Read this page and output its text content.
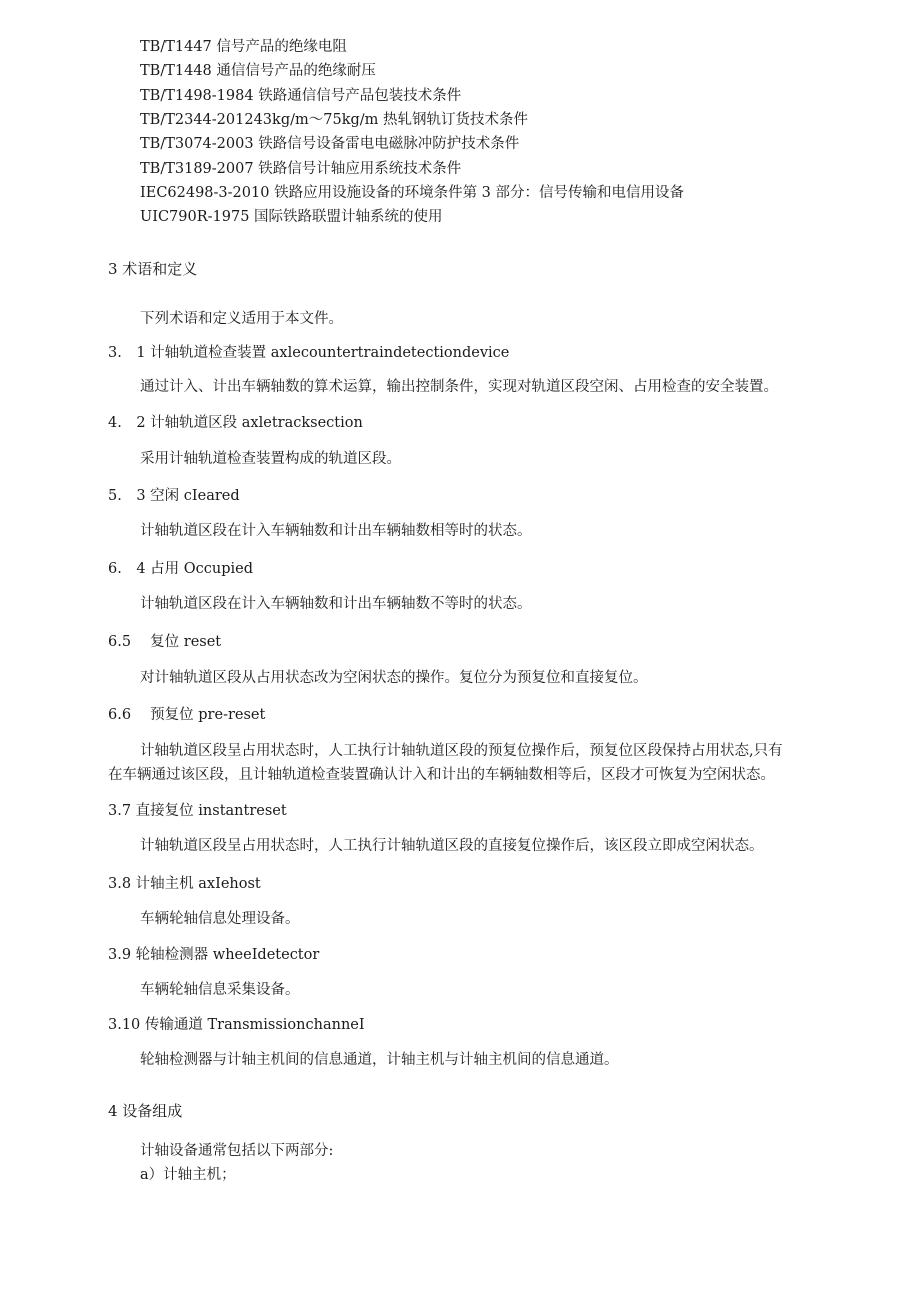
TB/T1447 信号产品的绝缘电阻
TB/T1448 通信信号产品的绝缘耐压
TB/T1498-1984 铁路通信信号产品包装技术条件
TB/T2344-201243kg∕m～75kg∕m 热轧钢轨订货技术条件
TB/T3074-2003 铁路信号设备雷电电磁脉冲防护技术条件
TB/T3189-2007 铁路信号计轴应用系统技术条件
IEC62498-3-2010 铁路应用设施设备的环境条件第 3 部分：信号传输和电信用设备
UIC790R-1975 国际铁路联盟计轴系统的使用
3 术语和定义
下列术语和定义适用于本文件。
3.　1 计轴轨道检查装置 axlecountertraindetectiondevice
通过计入、计出车辆轴数的算术运算，输出控制条件，实现对轨道区段空闲、占用检查的安全装置。
4.　2 计轴轨道区段 axletracksection
采用计轴轨道检查装置构成的轨道区段。
5.　3 空闲 cIeared
计轴轨道区段在计入车辆轴数和计出车辆轴数相等时的状态。
6.　4 占用 Occupied
计轴轨道区段在计入车辆轴数和计出车辆轴数不等时的状态。
6.5　 复位 reset
对计轴轨道区段从占用状态改为空闲状态的操作。复位分为预复位和直接复位。
6.6　 预复位 pre-reset
计轴轨道区段呈占用状态时，人工执行计轴轨道区段的预复位操作后，预复位区段保持占用状态,只有
在车辆通过该区段，且计轴轨道检查装置确认计入和计出的车辆轴数相等后，区段才可恢复为空闲状态。
3.7 直接复位 instantreset
计轴轨道区段呈占用状态时，人工执行计轴轨道区段的直接复位操作后，该区段立即成空闲状态。
3.8 计轴主机 axIehost
车辆轮轴信息处理设备。
3.9 轮轴检测器 wheeIdetector
车辆轮轴信息采集设备。
3.10 传输通道 TransmissionchanneI
轮轴检测器与计轴主机间的信息通道，计轴主机与计轴主机间的信息通道。
4 设备组成
计轴设备通常包括以下两部分:
a）计轴主机；
